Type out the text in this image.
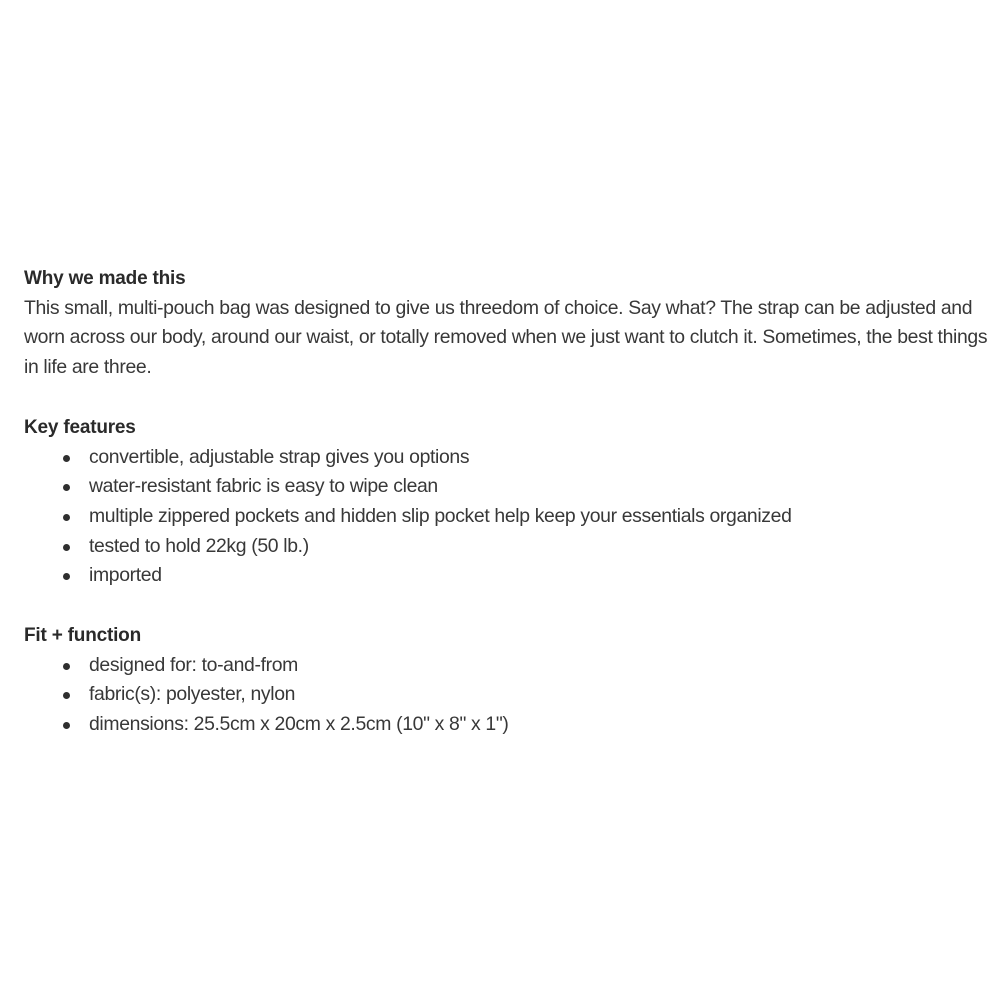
Why we made this

This small, multi-pouch bag was designed to give us threedom of choice. Say what? The strap can be adjusted and worn across our body, around our waist, or totally removed when we just want to clutch it. Sometimes, the best things in life are three.

Key features
convertible, adjustable strap gives you options
water-resistant fabric is easy to wipe clean
multiple zippered pockets and hidden slip pocket help keep your essentials organized
tested to hold 22kg (50 lb.)
imported
Fit + function
designed for: to-and-from
fabric(s): polyester, nylon
dimensions: 25.5cm x 20cm x 2.5cm (10" x 8" x 1")
